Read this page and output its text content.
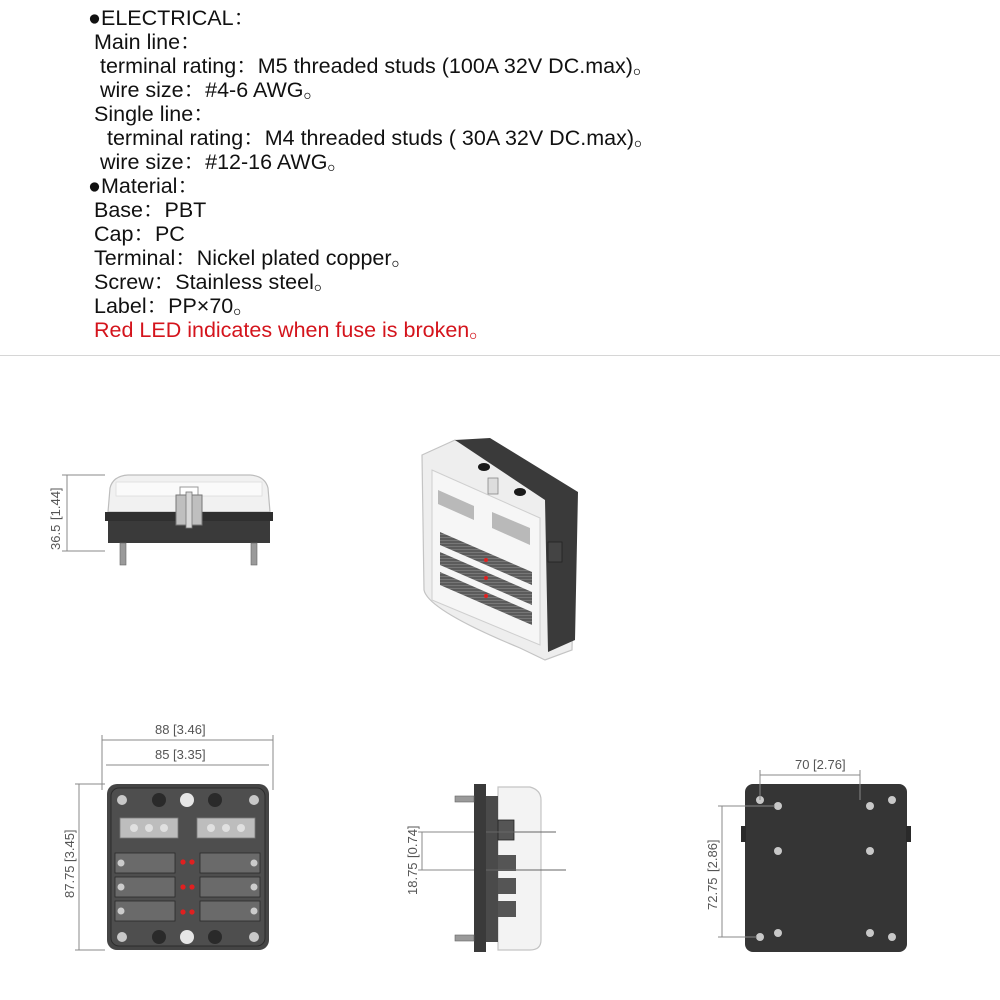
●ELECTRICAL：
Main line：
terminal rating：M5 threaded studs (100A 32V DC.max)。
wire size：#4-6 AWG。
Single line：
terminal rating：M4 threaded studs ( 30A 32V DC.max)。
wire size：#12-16 AWG。
●Material：
Base：PBT
Cap：PC
Terminal：Nickel plated copper。
Screw：Stainless steel。
Label：PP×70。
Red LED indicates when fuse is broken。
36.5
[1.44]
88 [3.46]
85 [3.35]
87.75
[3.45]
18.75
[0.74]
70 [2.76]
72.75
[2.86]
